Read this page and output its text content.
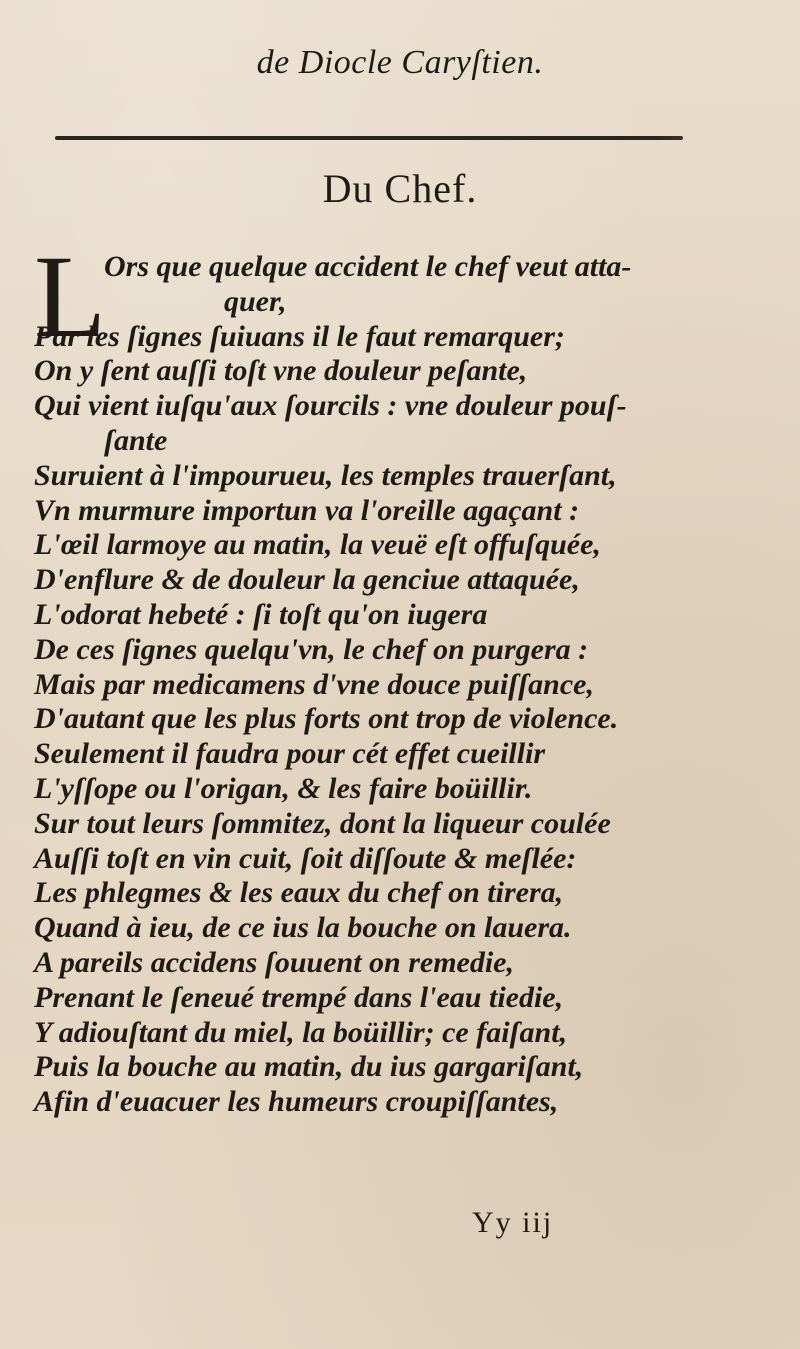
de Diocle Caryſtien.
Du Chef.
L
Ors que quelque accident le chef veut atta-
quer,
Par les ſignes ſuiuans il le faut remarquer;
On y ſent auſſi toſt vne douleur peſante,
Qui vient iuſqu'aux ſourcils : vne douleur pouſ-
ſante
Suruient à l'impourueu, les temples trauerſant,
Vn murmure importun va l'oreille agaçant :
L'œil larmoye au matin, la veuë eſt offuſquée,
D'enflure & de douleur la genciue attaquée,
L'odorat hebeté : ſi toſt qu'on iugera
De ces ſignes quelqu'vn, le chef on purgera :
Mais par medicamens d'vne douce puiſſance,
D'autant que les plus forts ont trop de violence.
Seulement il faudra pour cét effet cueillir
L'yſſope ou l'origan, & les faire boüillir.
Sur tout leurs ſommitez, dont la liqueur coulée
Auſſi toſt en vin cuit, ſoit diſſoute & meſlée:
Les phlegmes & les eaux du chef on tirera,
Quand à ieu, de ce ius la bouche on lauera.
A pareils accidens ſouuent on remedie,
Prenant le ſeneué trempé dans l'eau tiedie,
Y adiouſtant du miel, la boüillir; ce faiſant,
Puis la bouche au matin, du ius gargariſant,
Afin d'euacuer les humeurs croupiſſantes,
Yy iij
